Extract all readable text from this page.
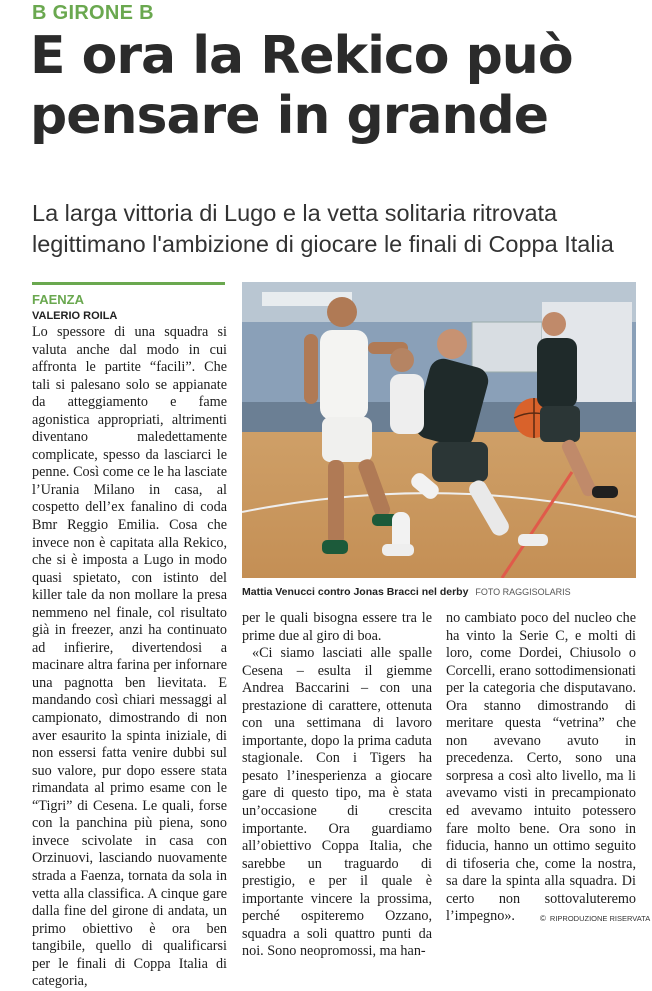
B GIRONE B
E ora la Rekico può pensare in grande
La larga vittoria di Lugo e la vetta solitaria ritrovata legittimano l'ambizione di giocare le finali di Coppa Italia
FAENZA
VALERIO ROILA

Lo spessore di una squadra si valuta anche dal modo in cui affronta le partite “facili”. Che tali si palesano solo se appianate da atteggiamento e fame agonistica appropriati, altrimenti diventano maledettamente complicate, spesso da lasciarci le penne. Così come ce le ha lasciate l’Urania Milano in casa, al cospetto dell’ex fanalino di coda Bmr Reggio Emilia. Cosa che invece non è capitata alla Rekico, che si è imposta a Lugo in modo quasi spietato, con istinto del killer tale da non mollare la presa nemmeno nel finale, col risultato già in freezer, anzi ha continuato ad infierire, divertendosi a macinare altra farina per infornare una pagnotta ben lievitata. E mandando così chiari messaggi al campionato, dimostrando di non aver esaurito la spinta iniziale, di non essersi fatta venire dubbi sul suo valore, pur dopo essere stata rimandata al primo esame con le “Tigri” di Cesena. Le quali, forse con la panchina più piena, sono invece scivolate in casa con Orzinuovi, lasciando nuovamente strada a Faenza, tornata da sola in vetta alla classifica. A cinque gare dalla fine del girone di andata, un primo obiettivo è ora ben tangibile, quello di qualificarsi per le finali di Coppa Italia di categoria,

Mattia Venucci contro Jonas Bracci nel derby FOTO RAGGISOLARIS

per le quali bisogna essere tra le prime due al giro di boa.

«Ci siamo lasciati alle spalle Cesena – esulta il giemme Andrea Baccarini – con una prestazione di carattere, ottenuta con una settimana di lavoro importante, dopo la prima caduta stagionale. Con i Tigers ha pesato l’inesperienza a giocare gare di questo tipo, ma è stata un’occasione di crescita importante. Ora guardiamo all’obiettivo Coppa Italia, che sarebbe un traguardo di prestigio, e per il quale è importante vincere la prossima, perché ospiteremo Ozzano, squadra a soli quattro punti da noi. Sono neopromossi, ma han-

no cambiato poco del nucleo che ha vinto la Serie C, e molti di loro, come Dordei, Chiusolo o Corcelli, erano sottodimensionati per la categoria che disputavano. Ora stanno dimostrando di meritare questa “vetrina” che non avevano avuto in precedenza. Certo, sono una sorpresa a così alto livello, ma li avevamo visti in precampionato ed avevamo intuito potessero fare molto bene. Ora sono in fiducia, hanno un ottimo seguito di tifoseria che, come la nostra, sa dare la spinta alla squadra. Di certo non sottovaluteremo l’impegno».	© RIPRODUZIONE RISERVATA
